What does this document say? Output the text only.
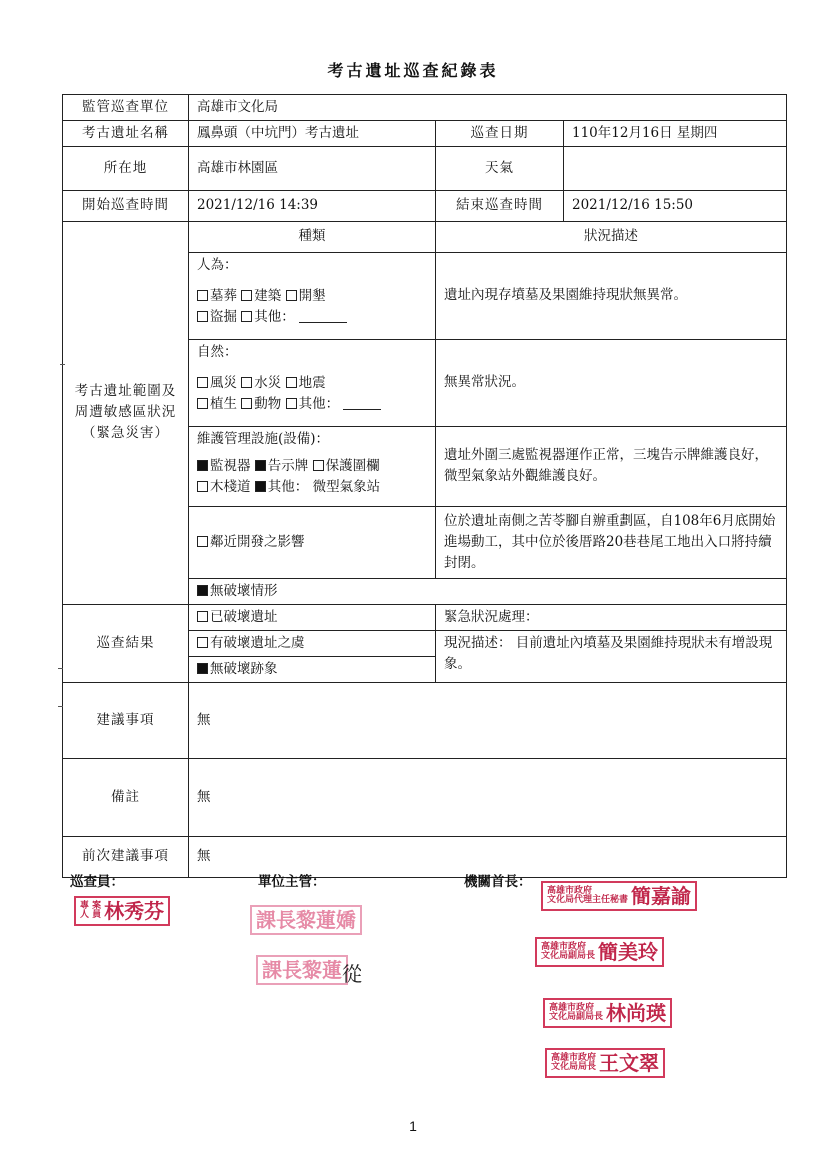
考古遺址巡查紀錄表
監管巡查單位	高雄市文化局		
考古遺址名稱	鳳鼻頭（中坑門）考古遺址	巡查日期	110年12月16日 星期四
所在地	高雄市林園區	天氣	
開始巡查時間	2021/12/16 14:39	結束巡查時間	2021/12/16 15:50

考古遺址範圍及
周遭敏感區狀況
（緊急災害）	種類	狀況描述	

	人為：
墓葬 建築 開墾
盜掘 其他：	遺址內現存墳墓及果園維持現狀無異常。	

	自然：
風災 水災 地震
植生 動物 其他：	無異常狀況。	

	維護管理設施(設備)：
監視器 告示牌 保護圍欄
木棧道 其他： 微型氣象站	遺址外圍三處監視器運作正常，三塊告示牌維護良好，微型氣象站外觀維護良好。	
	鄰近開發之影響	位於遺址南側之苦苓腳自辦重劃區，自108年6月底開始進場動工，其中位於後厝路20巷巷尾工地出入口將持續封閉。	
	無破壞情形		
巡查結果	已破壞遺址	緊急狀況處理：	
	有破壞遺址之虞	現況描述： 目前遺址內墳墓及果園維持現狀未有增設現象。	
	無破壞跡象		
建議事項	無		
備註	無		
前次建議事項	無		
巡查員：	單位主管：	機關首長：
專 案
人 員 林秀芬	課長黎蓮嬌
課長黎蓮 從
高雄市政府
文化局代理主任秘書 簡嘉諭
高雄市政府
文化局副局長 簡美玲
高雄市政府
文化局副局長 林尚瑛
高雄市政府
文化局局長 王文翠
1
